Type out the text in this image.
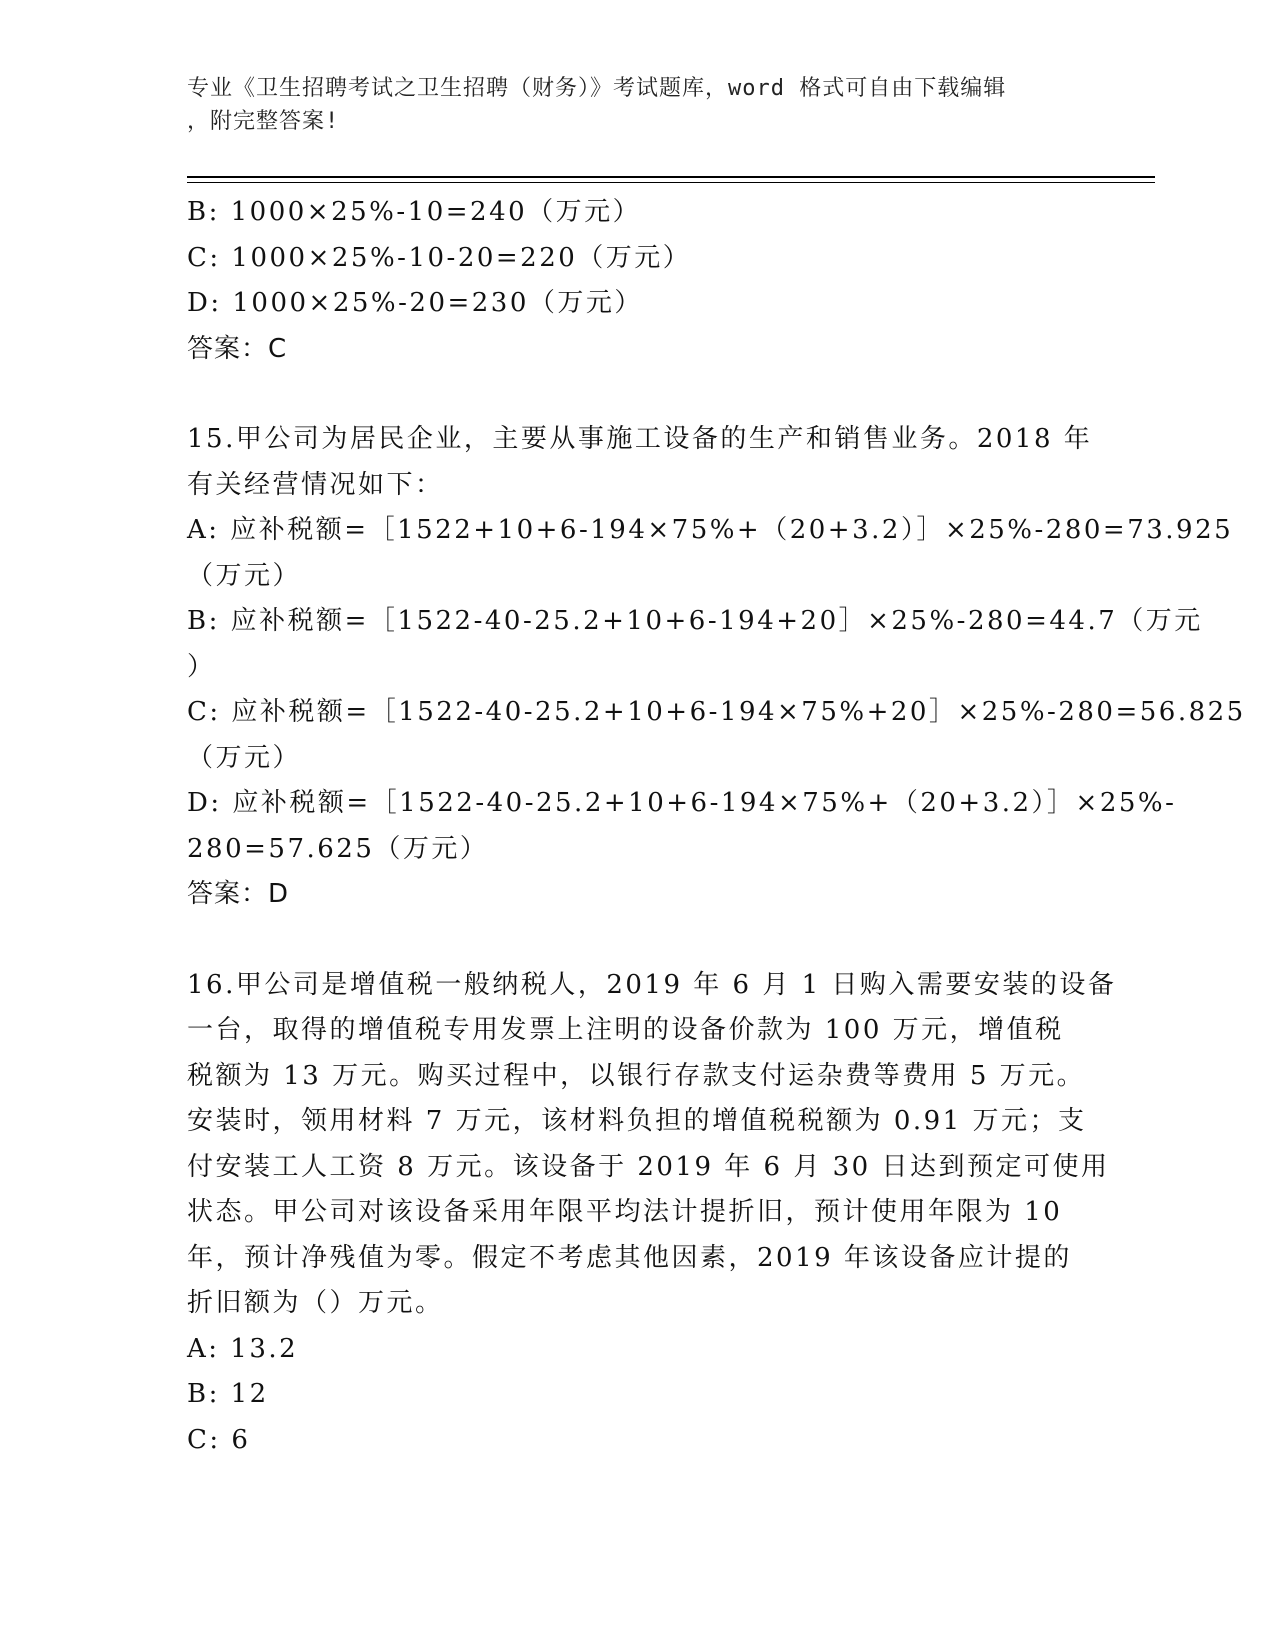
专业《卫生招聘考试之卫生招聘（财务）》考试题库，word 格式可自由下载编辑
，附完整答案!

B: 1000×25%-10=240（万元）

C: 1000×25%-10-20=220（万元）

D: 1000×25%-20=230（万元）

答案：C

15.甲公司为居民企业，主要从事施工设备的生产和销售业务。2018 年

有关经营情况如下：

A: 应补税额=［1522+10+6-194×75%+（20+3.2）］×25%-280=73.925

（万元）

B: 应补税额=［1522-40-25.2+10+6-194+20］×25%-280=44.7（万元

）

C: 应补税额=［1522-40-25.2+10+6-194×75%+20］×25%-280=56.825

（万元）

D: 应补税额=［1522-40-25.2+10+6-194×75%+（20+3.2）］×25%-

280=57.625（万元）

答案：D

16.甲公司是增值税一般纳税人，2019 年 6 月 1 日购入需要安装的设备

一台，取得的增值税专用发票上注明的设备价款为 100 万元，增值税

税额为 13 万元。购买过程中，以银行存款支付运杂费等费用 5 万元。

安装时，领用材料 7 万元，该材料负担的增值税税额为 0.91 万元；支

付安装工人工资 8 万元。该设备于 2019 年 6 月 30 日达到预定可使用

状态。甲公司对该设备采用年限平均法计提折旧，预计使用年限为 10

年，预计净残值为零。假定不考虑其他因素，2019 年该设备应计提的

折旧额为（）万元。

A: 13.2

B: 12

C: 6
